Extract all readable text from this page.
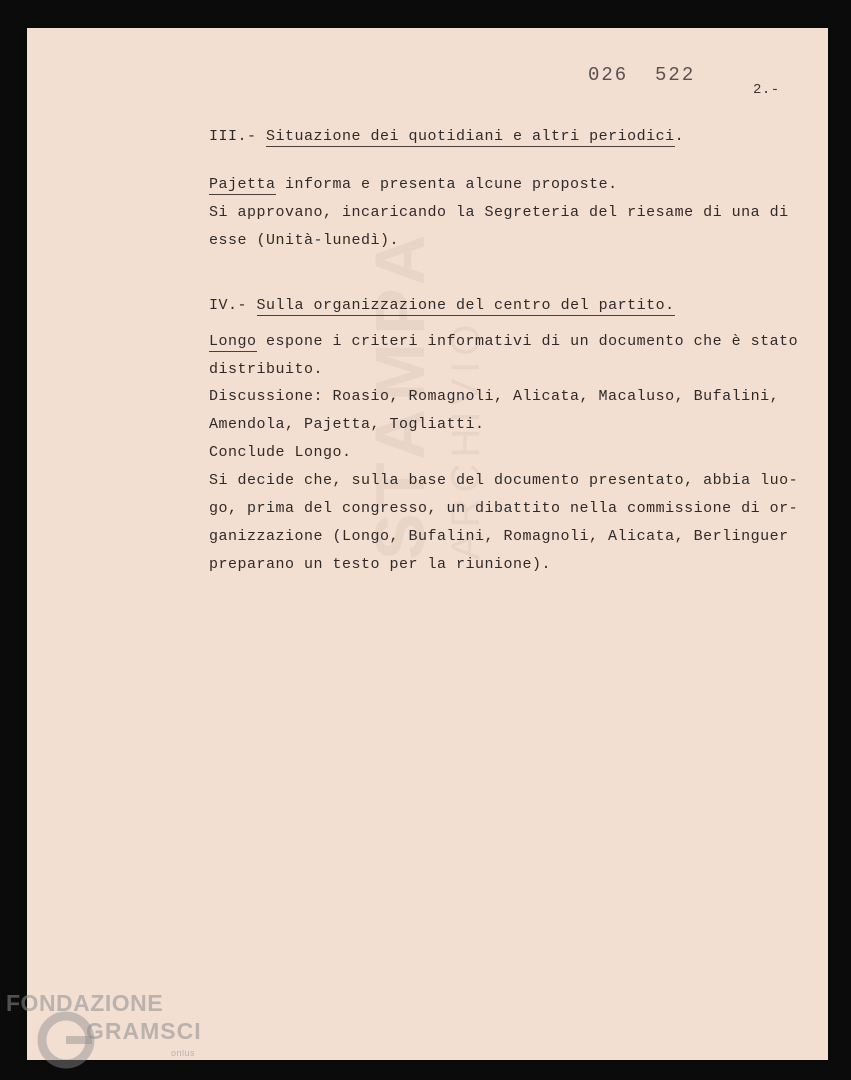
026  522

2.-

III.- Situazione dei quotidiani e altri periodici.

Pajetta informa e presenta alcune proposte.

Si approvano, incaricando la Segreteria del riesame di una di

esse (Unità-lunedì).

IV.- Sulla organizzazione del centro del partito.

Longo espone i criteri informativi di un documento che è stato

distribuito.

Discussione: Roasio, Romagnoli, Alicata, Macaluso, Bufalini,

Amendola, Pajetta, Togliatti.

Conclude Longo.

Si decide che, sulla base del documento presentato, abbia luo-

go, prima del congresso, un dibattito nella commissione di or-

ganizzazione (Longo, Bufalini, Romagnoli, Alicata, Berlinguer

preparano un testo per la riunione).

FONDAZIONE
GRAMSCI
onlus
